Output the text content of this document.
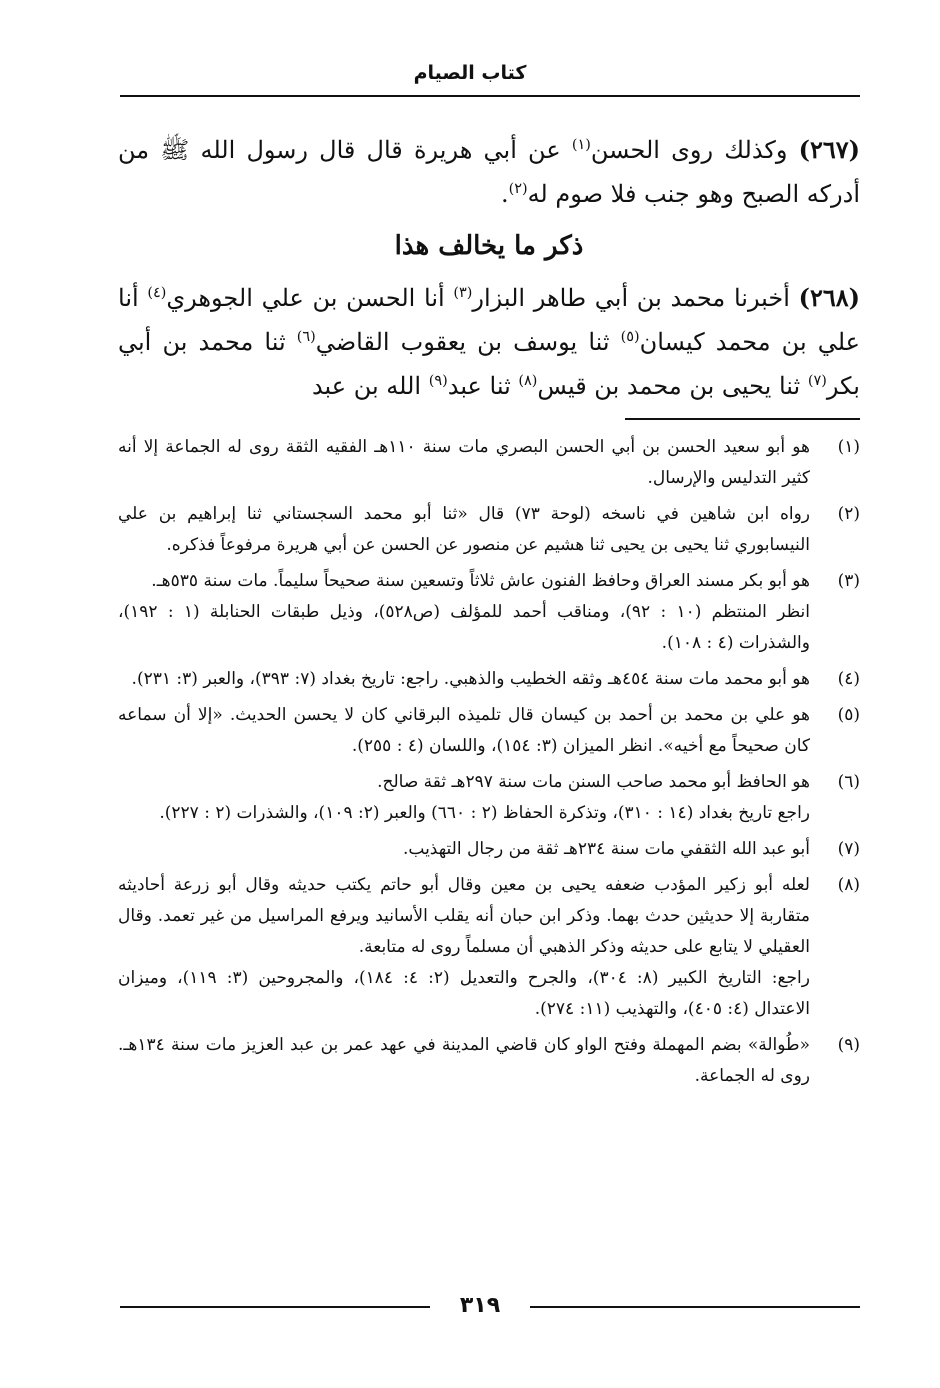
كتاب الصيام

(٢٦٧) وكذلك روى الحسن$^{(١)}$ عن أبي هريرة قال قال رسول الله ﷺ من أدركه الصبح وهو جنب فلا صوم له$^{(٢)}$.

ذكر ما يخالف هذا

(٢٦٨) أخبرنا محمد بن أبي طاهر البزار$^{(٣)}$ أنا الحسن بن علي الجوهري$^{(٤)}$ أنا علي بن محمد كيسان$^{(٥)}$ ثنا يوسف بن يعقوب القاضي$^{(٦)}$ ثنا محمد بن أبي بكر$^{(٧)}$ ثنا يحيى بن محمد بن قيس$^{(٨)}$ ثنا عبد$^{(٩)}$ الله بن عبد

(١)

هو أبو سعيد الحسن بن أبي الحسن البصري مات سنة ١١٠هـ الفقيه الثقة روى له الجماعة إلا أنه كثير التدليس والإرسال.

(٢)

رواه ابن شاهين في ناسخه (لوحة ٧٣) قال «ثنا أبو محمد السجستاني ثنا إبراهيم بن علي النيسابوري ثنا يحيى بن يحيى ثنا هشيم عن منصور عن الحسن عن أبي هريرة مرفوعاً فذكره.

(٣)

هو أبو بكر مسند العراق وحافظ الفنون عاش ثلاثاً وتسعين سنة صحيحاً سليماً. مات سنة ٥٣٥هـ.

انظر المنتظم (١٠ : ٩٢)، ومناقب أحمد للمؤلف (ص٥٢٨)، وذيل طبقات الحنابلة (١ : ١٩٢)، والشذرات (٤ : ١٠٨).

(٤)

هو أبو محمد مات سنة ٤٥٤هـ وثقه الخطيب والذهبي. راجع: تاريخ بغداد (٧: ٣٩٣)، والعبر (٣: ٢٣١).

(٥)

هو علي بن محمد بن أحمد بن كيسان قال تلميذه البرقاني كان لا يحسن الحديث. «إلا أن سماعه كان صحيحاً مع أخيه». انظر الميزان (٣: ١٥٤)، واللسان (٤ : ٢٥٥).

(٦)

هو الحافظ أبو محمد صاحب السنن مات سنة ٢٩٧هـ ثقة صالح.

راجع تاريخ بغداد (١٤ : ٣١٠)، وتذكرة الحفاظ (٢ : ٦٦٠) والعبر (٢: ١٠٩)، والشذرات (٢ : ٢٢٧).

(٧)

أبو عبد الله الثقفي مات سنة ٢٣٤هـ ثقة من رجال التهذيب.

(٨)

لعله أبو زكير المؤدب ضعفه يحيى بن معين وقال أبو حاتم يكتب حديثه وقال أبو زرعة أحاديثه متقاربة إلا حديثين حدث بهما. وذكر ابن حبان أنه يقلب الأسانيد ويرفع المراسيل من غير تعمد. وقال العقيلي لا يتابع على حديثه وذكر الذهبي أن مسلماً روى له متابعة.

راجع: التاريخ الكبير (٨: ٣٠٤)، والجرح والتعديل (٢: ٤: ١٨٤)، والمجروحين (٣: ١١٩)، وميزان الاعتدال (٤: ٤٠٥)، والتهذيب (١١: ٢٧٤).

(٩)

«طُوالة» بضم المهملة وفتح الواو كان قاضي المدينة في عهد عمر بن عبد العزيز مات سنة ١٣٤هـ. روى له الجماعة.

٣١٩
